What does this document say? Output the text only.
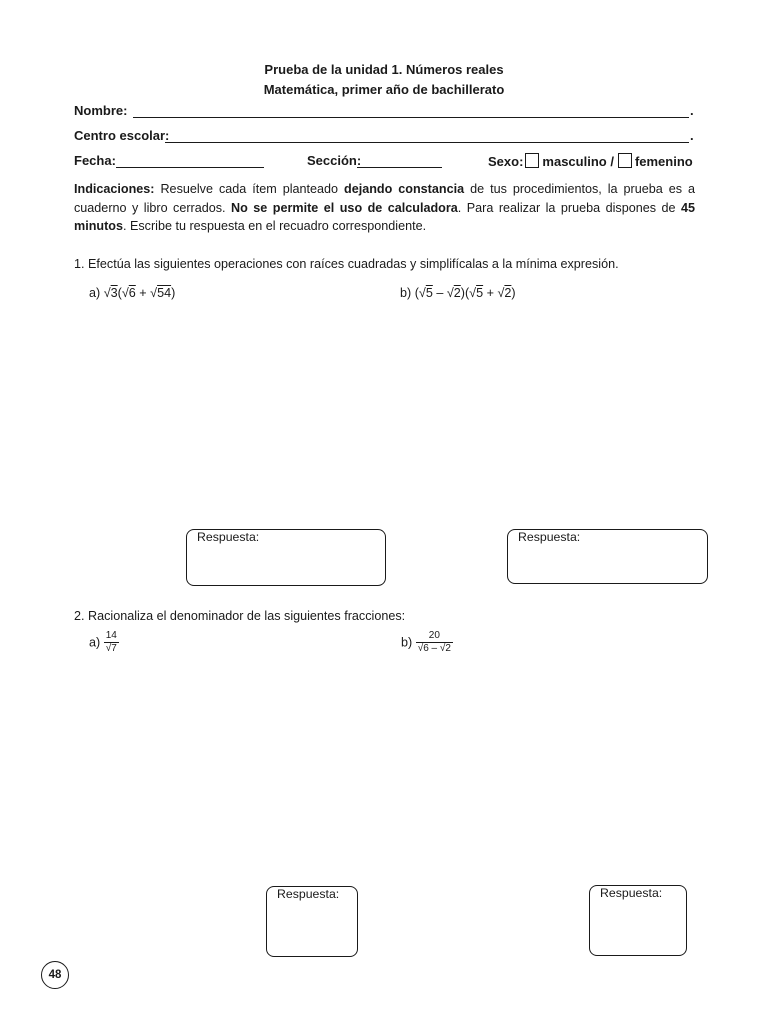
Prueba de la unidad 1. Números reales
Matemática, primer año de bachillerato
Nombre:	.
Centro escolar:	.
Fecha:	Sección:	Sexo: masculino / femenino
Indicaciones: Resuelve cada ítem planteado dejando constancia de tus procedimientos, la prueba es a cuaderno y libro cerrados. No se permite el uso de calculadora. Para realizar la prueba dispones de 45 minutos. Escribe tu respuesta en el recuadro correspondiente.
1. Efectúa las siguientes operaciones con raíces cuadradas y simplifícalas a la mínima expresión.
a) √3(√6 + √54)	b) (√5 – √2)(√5 + √2)
Respuesta:	Respuesta:
2. Racionaliza el denominador de las siguientes fracciones:
$a) \frac{14}{√7}$	$b) \frac{20}{√6 - √2}$
Respuesta:	Respuesta:
48
